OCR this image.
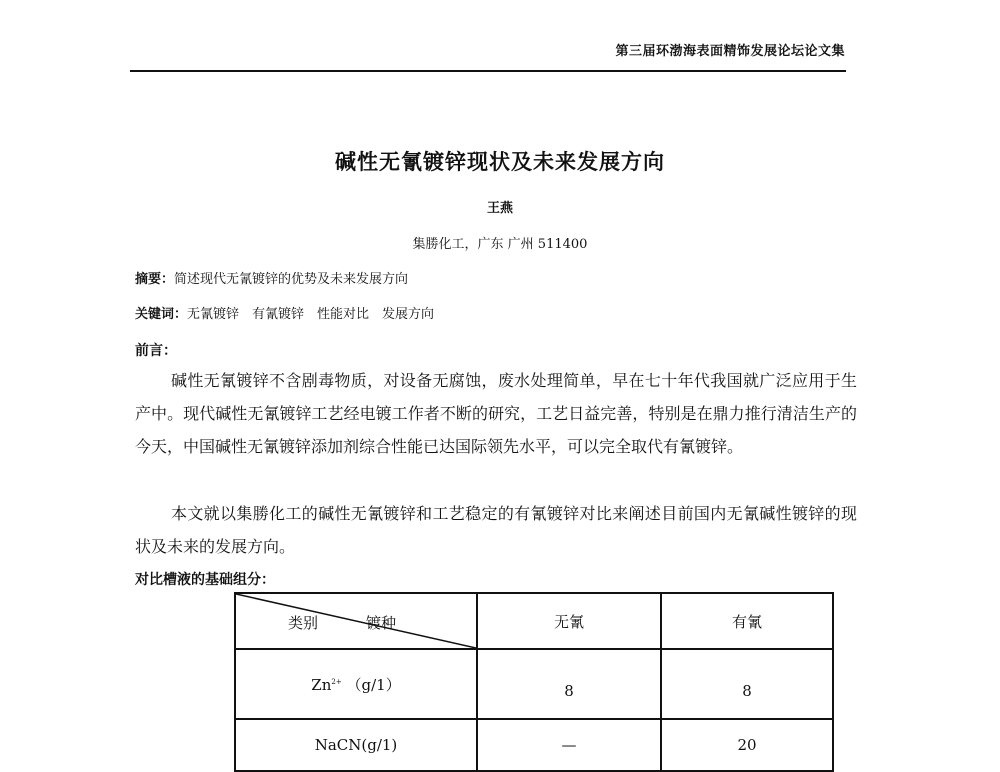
第三届环渤海表面精饰发展论坛论文集
碱性无氰镀锌现状及未来发展方向
王燕
集勝化工，广东 广州 511400
摘要：简述现代无氰镀锌的优势及未来发展方向
关键词：无氰镀锌　有氰镀锌　性能对比　发展方向
前言：
碱性无氰镀锌不含剧毒物质，对设备无腐蚀，废水处理简单，早在七十年代我国就广泛应用于生产中。现代碱性无氰镀锌工艺经电镀工作者不断的研究，工艺日益完善，特别是在鼎力推行清洁生产的今天，中国碱性无氰镀锌添加剂综合性能已达国际领先水平，可以完全取代有氰镀锌。
本文就以集勝化工的碱性无氰镀锌和工艺稳定的有氰镀锌对比来阐述目前国内无氰碱性镀锌的现状及未来的发展方向。
对比槽液的基础组分：
类别 镀种	无氰	有氰
$Zn^{2+}$ （g/1）	8	8
NaCN(g/1)	—	20
